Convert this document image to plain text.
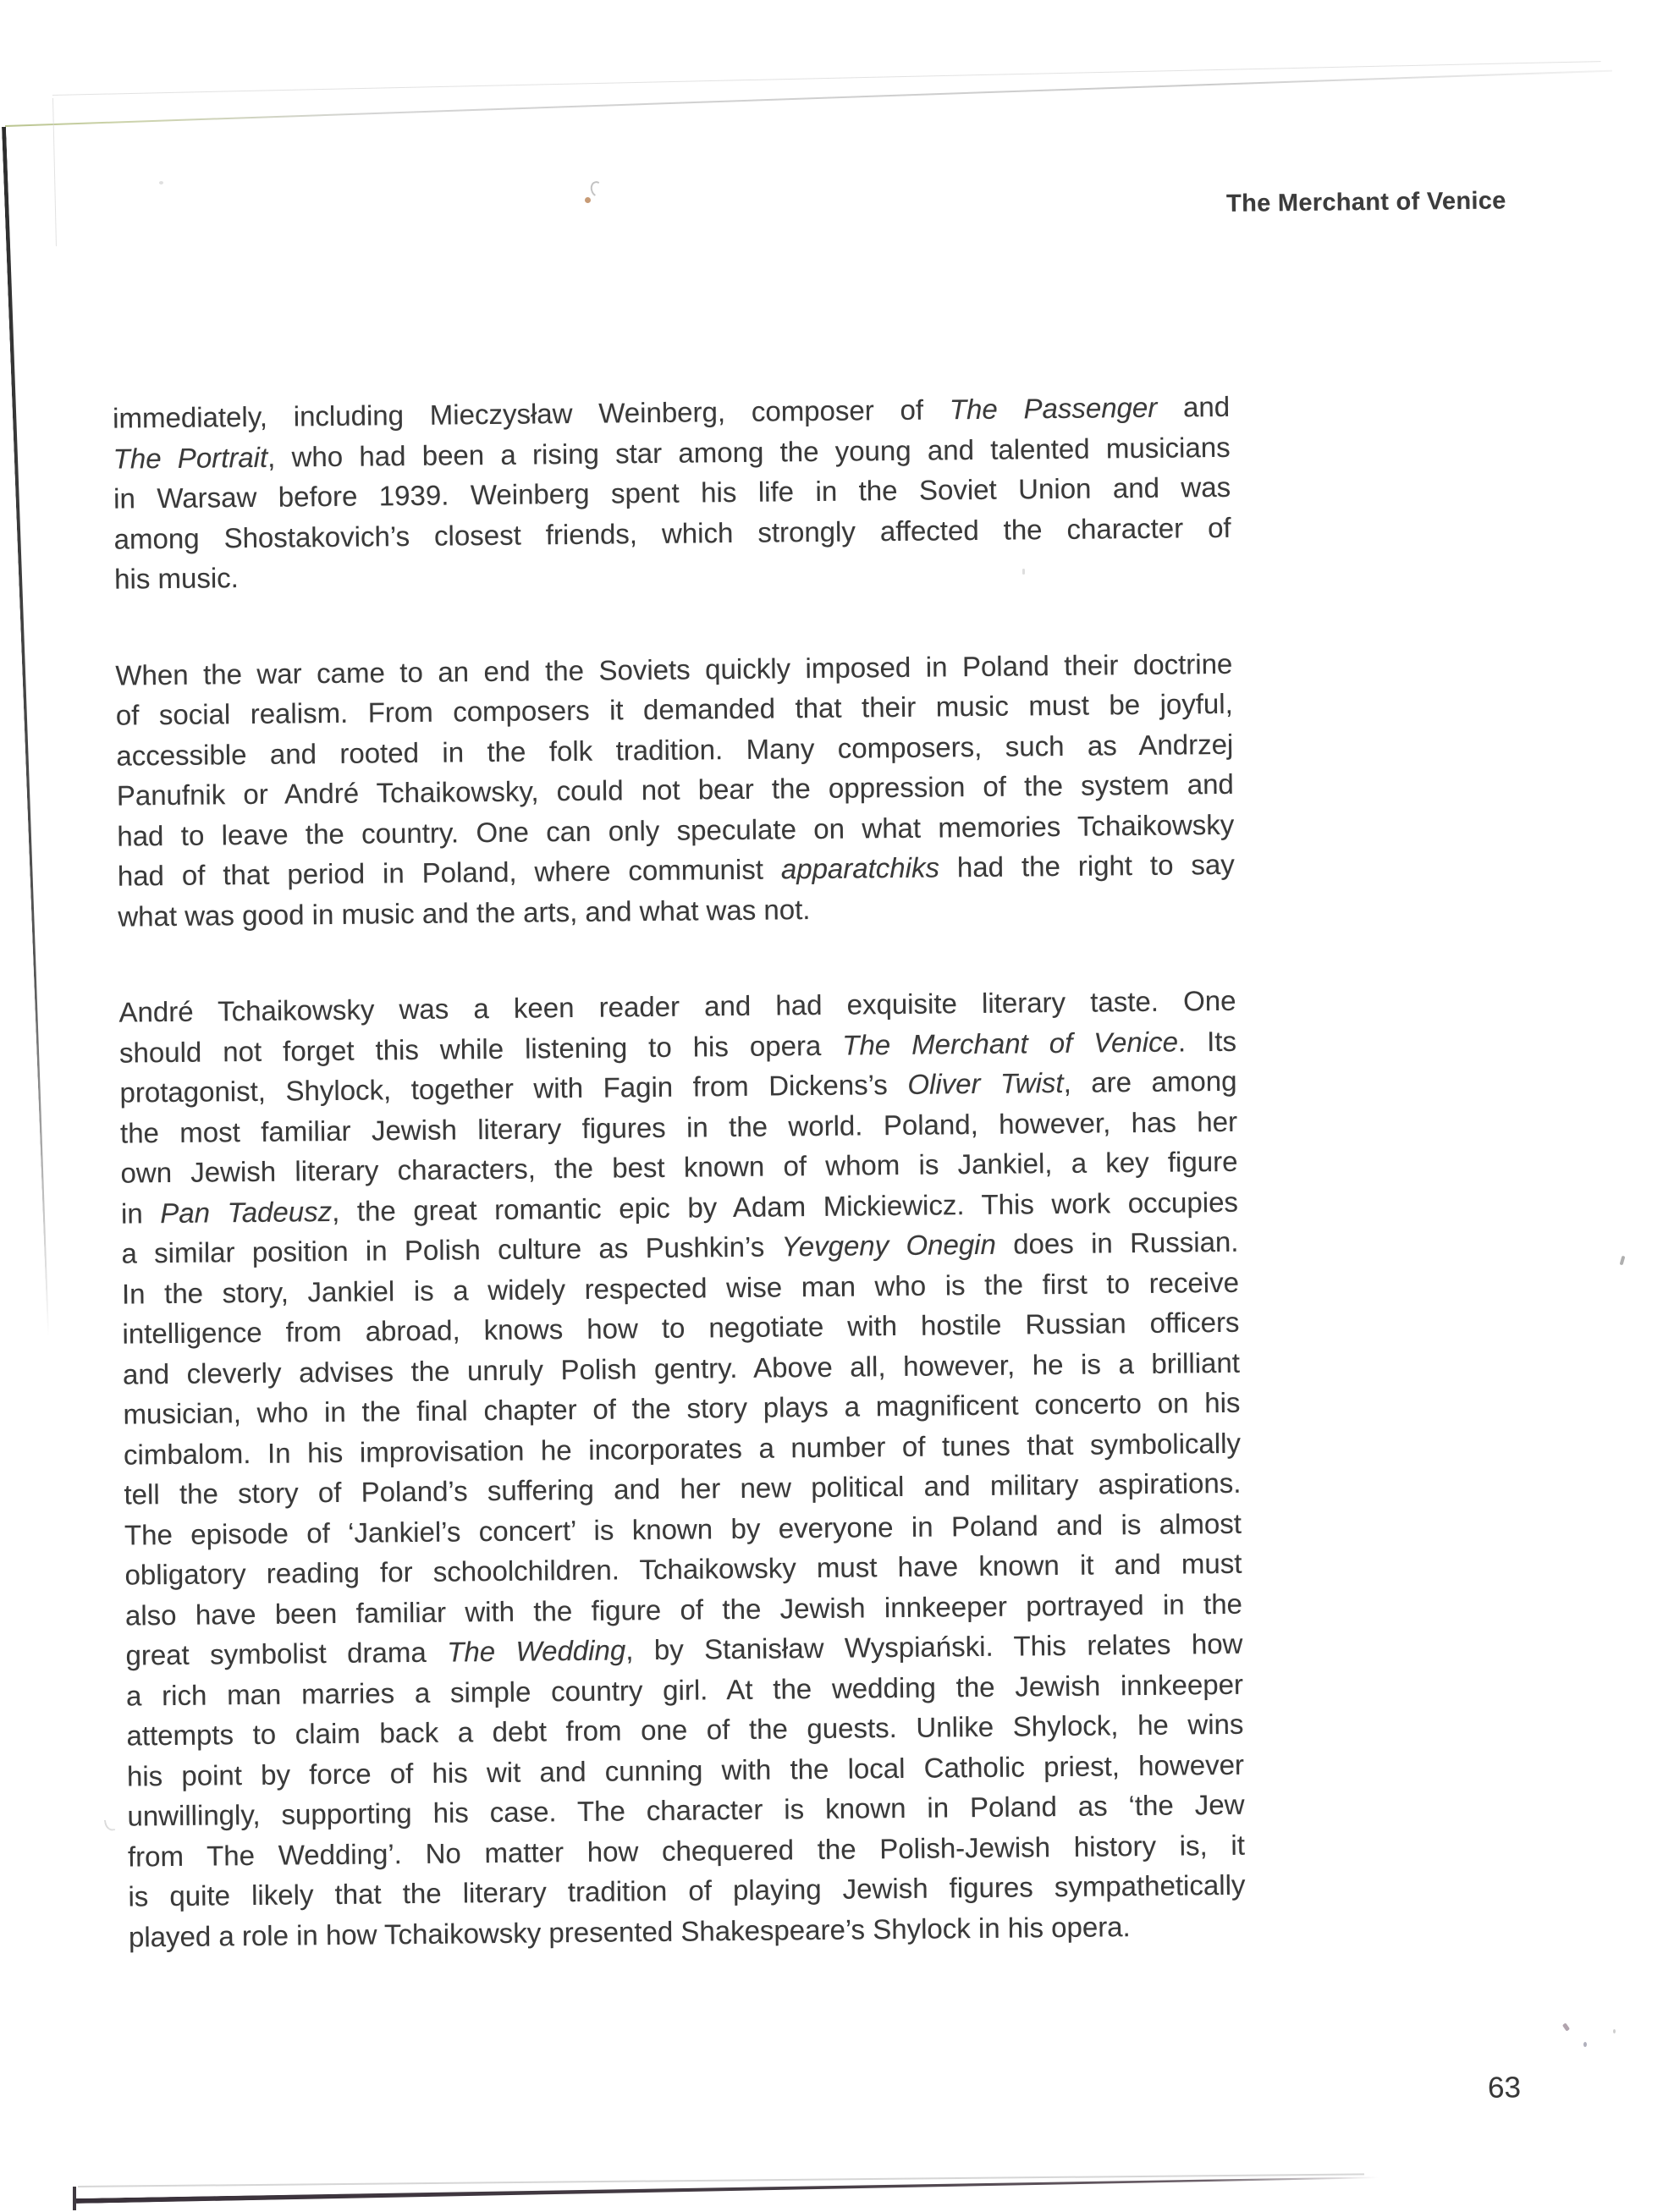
The Merchant of Venice
immediately, including Mieczysław Weinberg, composer of The Passenger and
The Portrait, who had been a rising star among the young and talented musicians
in Warsaw before 1939. Weinberg spent his life in the Soviet Union and was
among Shostakovich’s closest friends, which strongly affected the character of
his music.
When the war came to an end the Soviets quickly imposed in Poland their doctrine
of social realism. From composers it demanded that their music must be joyful,
accessible and rooted in the folk tradition. Many composers, such as Andrzej
Panufnik or André Tchaikowsky, could not bear the oppression of the system and
had to leave the country. One can only speculate on what memories Tchaikowsky
had of that period in Poland, where communist apparatchiks had the right to say
what was good in music and the arts, and what was not.
André Tchaikowsky was a keen reader and had exquisite literary taste. One
should not forget this while listening to his opera The Merchant of Venice. Its
protagonist, Shylock, together with Fagin from Dickens’s Oliver Twist, are among
the most familiar Jewish literary figures in the world. Poland, however, has her
own Jewish literary characters, the best known of whom is Jankiel, a key figure
in Pan Tadeusz, the great romantic epic by Adam Mickiewicz. This work occupies
a similar position in Polish culture as Pushkin’s Yevgeny Onegin does in Russian.
In the story, Jankiel is a widely respected wise man who is the first to receive
intelligence from abroad, knows how to negotiate with hostile Russian officers
and cleverly advises the unruly Polish gentry. Above all, however, he is a brilliant
musician, who in the final chapter of the story plays a magnificent concerto on his
cimbalom. In his improvisation he incorporates a number of tunes that symbolically
tell the story of Poland’s suffering and her new political and military aspirations.
The episode of ‘Jankiel’s concert’ is known by everyone in Poland and is almost
obligatory reading for schoolchildren. Tchaikowsky must have known it and must
also have been familiar with the figure of the Jewish innkeeper portrayed in the
great symbolist drama The Wedding, by Stanisław Wyspiański. This relates how
a rich man marries a simple country girl. At the wedding the Jewish innkeeper
attempts to claim back a debt from one of the guests. Unlike Shylock, he wins
his point by force of his wit and cunning with the local Catholic priest, however
unwillingly, supporting his case. The character is known in Poland as ‘the Jew
from The Wedding’. No matter how chequered the Polish-Jewish history is, it
is quite likely that the literary tradition of playing Jewish figures sympathetically
played a role in how Tchaikowsky presented Shakespeare’s Shylock in his opera.
63
